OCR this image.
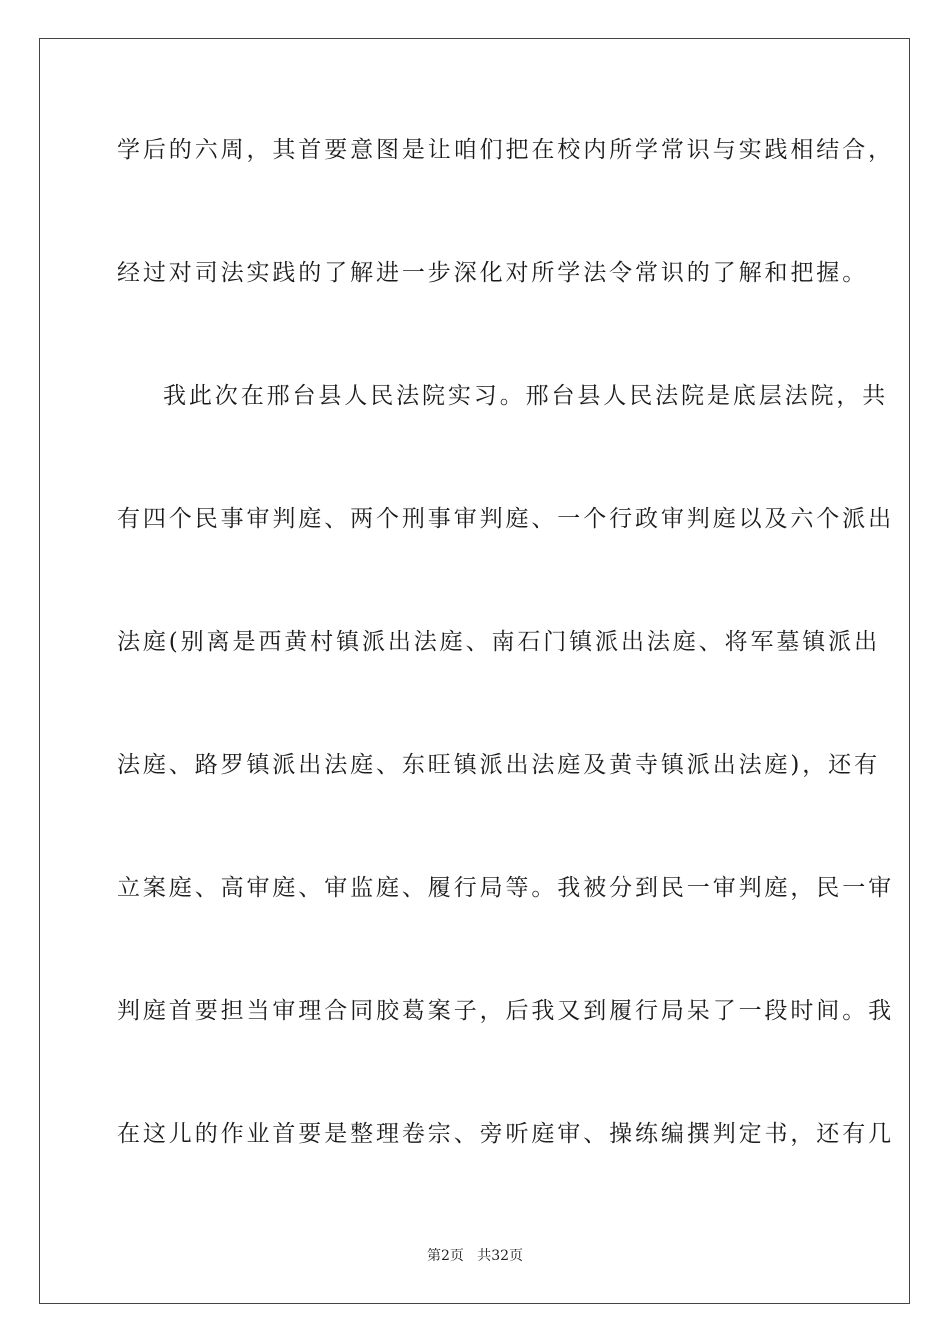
学后的六周，其首要意图是让咱们把在校内所学常识与实践相结合，
经过对司法实践的了解进一步深化对所学法令常识的了解和把握。
我此次在邢台县人民法院实习。邢台县人民法院是底层法院，共
有四个民事审判庭、两个刑事审判庭、一个行政审判庭以及六个派出
法庭(别离是西黄村镇派出法庭、南石门镇派出法庭、将军墓镇派出
法庭、路罗镇派出法庭、东旺镇派出法庭及黄寺镇派出法庭)，还有
立案庭、高审庭、审监庭、履行局等。我被分到民一审判庭，民一审
判庭首要担当审理合同胶葛案子，后我又到履行局呆了一段时间。我
在这儿的作业首要是整理卷宗、旁听庭审、操练编撰判定书，还有几
第2页   共32页
